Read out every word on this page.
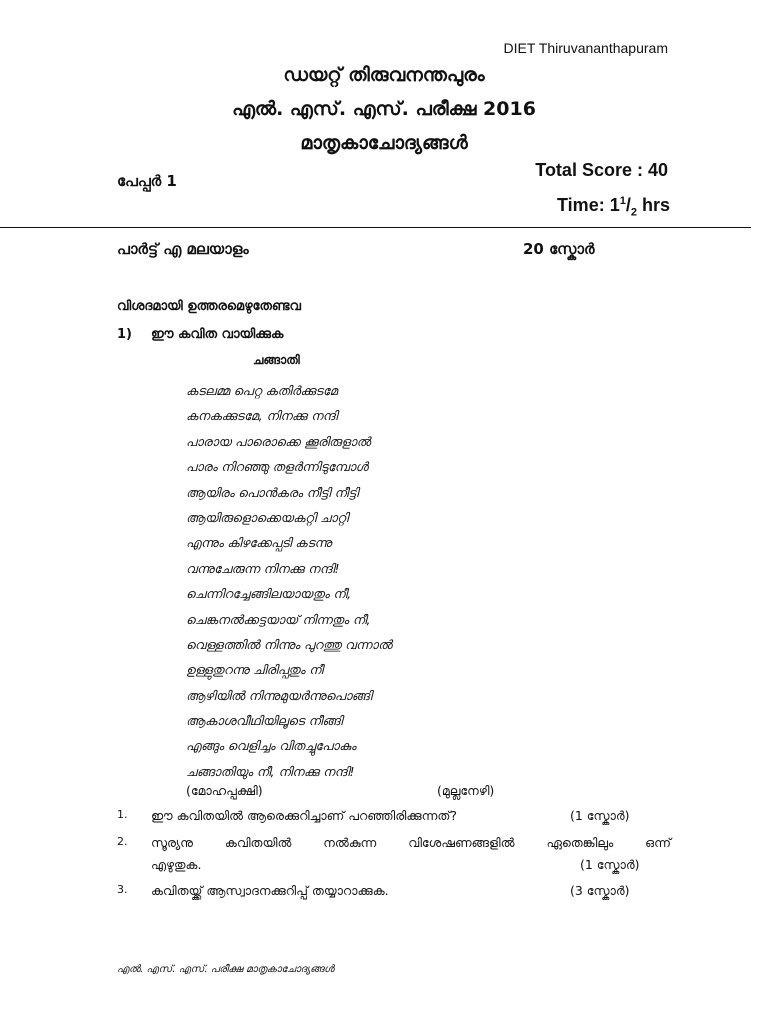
DIET Thiruvananthapuram
ഡയറ്റ് തിരുവനന്തപുരം
എൽ. എസ്. എസ്. പരീക്ഷ 2016
മാതൃകാചോദ്യങ്ങൾ
പേപ്പർ 1
Total Score : 40
Time: $1^1/_2$ hrs
പാർട്ട് എ മലയാളം	20 സ്കോർ
വിശദമായി ഉത്തരമെഴുതേണ്ടവ
1) ഈ കവിത വായിക്കുക
ചങ്ങാതി
കടലമ്മ പെറ്റ കതിർക്കുടമേ
കനകക്കുടമേ, നിനക്കു നന്ദി
പാരായ പാരൊക്കെ ക്കൂരിരുളാൽ
പാരം നിറഞ്ഞു തളർന്നിടുമ്പോൾ
ആയിരം പൊൻകരം നീട്ടി നീട്ടി
ആയിരുളൊക്കെയകറ്റി ചാറ്റി
എന്നും കിഴക്കേപ്പടി കടന്നു
വന്നുചേരുന്ന നിനക്കു നന്ദി!
ചെന്നിറച്ചേങ്ങിലയായതും നീ,
ചെങ്കനൽക്കട്ടയായ് നിന്നതും നീ,
വെള്ളത്തിൽ നിന്നും പുറത്തു വന്നാൽ
ഉള്ളുതുറന്നു ചിരിപ്പതും നീ
ആഴിയിൽ നിന്നുമുയർന്നുപൊങ്ങി
ആകാശവീഥിയിലൂടെ നീങ്ങി
എങ്ങും വെളിച്ചം വിതച്ചുപോകും
ചങ്ങാതിയും നീ, നിനക്കു നന്ദി!
(മോഹപ്പക്ഷി)	(മുല്ലനേഴി)
1. ഈ കവിതയിൽ ആരെക്കുറിച്ചാണ് പറഞ്ഞിരിക്കുന്നത്?	(1 സ്കോർ)
2. സൂര്യനു കവിതയിൽ നൽകുന്ന വിശേഷണങ്ങളിൽ ഏതെങ്കിലും ഒന്ന്
എഴുതുക.	(1 സ്കോർ)
3. കവിതയ്ക്ക് ആസ്വാദനക്കുറിപ്പ് തയ്യാറാക്കുക.	(3 സ്കോർ)
എൽ. എസ്. എസ്. പരീക്ഷ മാതൃകാചോദ്യങ്ങൾ
